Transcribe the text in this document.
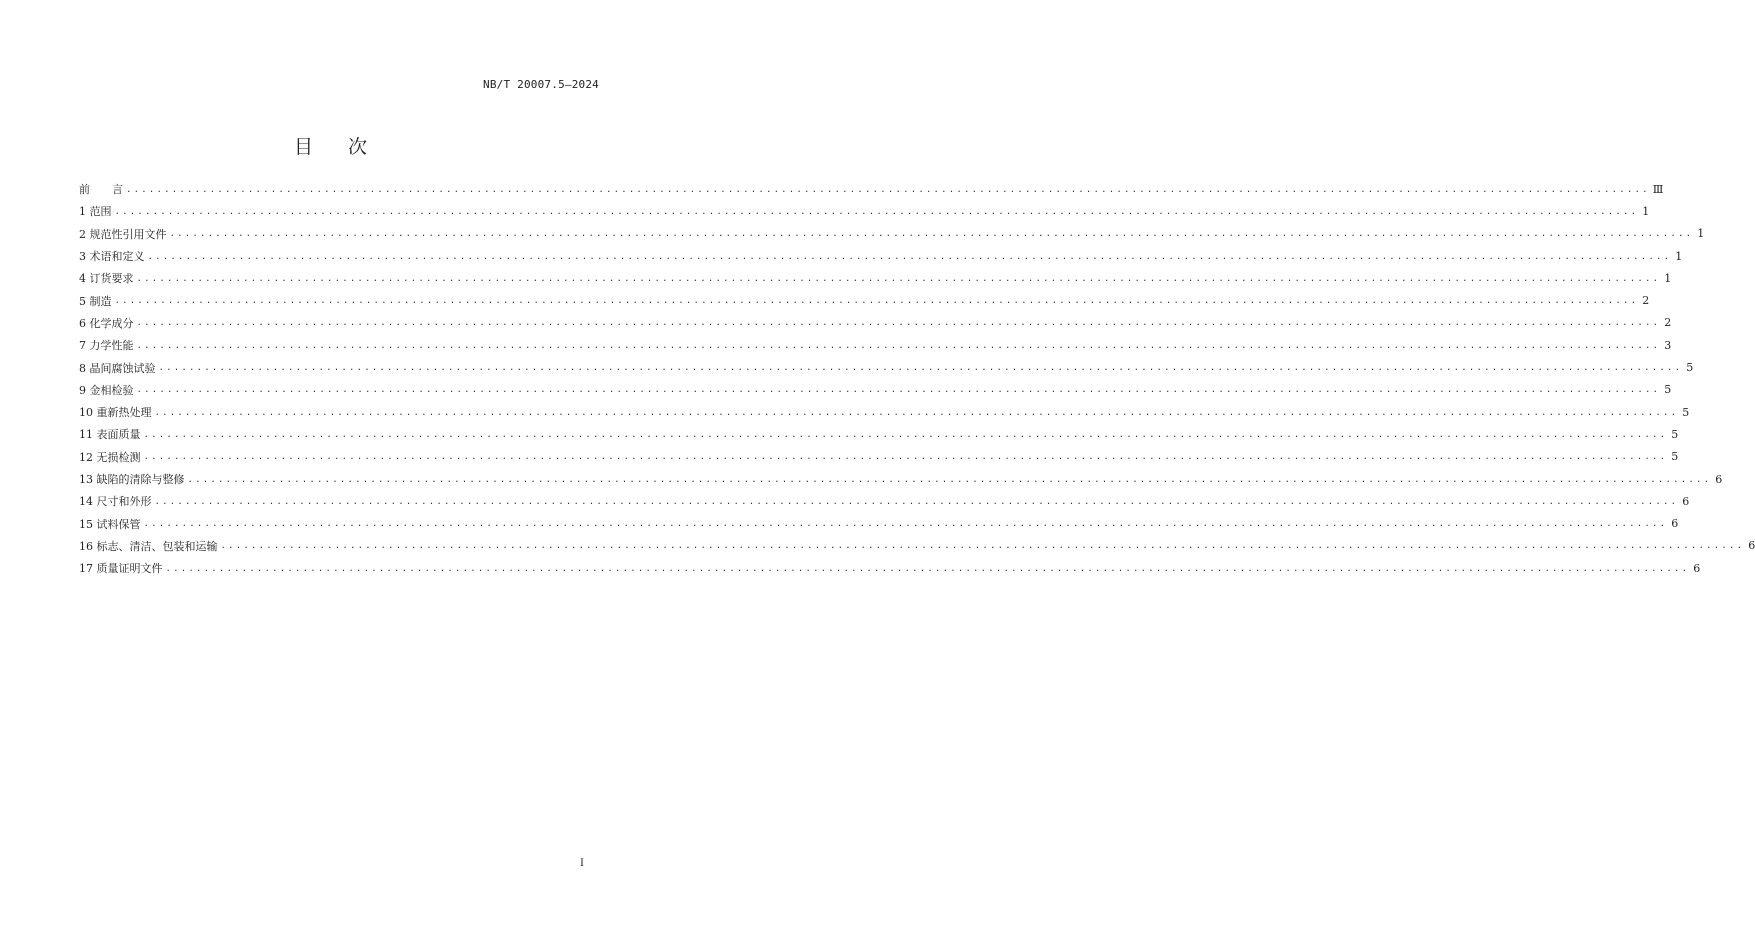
NB/T 20007.5—2024
目 次
前　　言 ........................................................................................................................................................................................................ Ⅲ
1 范围 ........................................................................................................................................................................................................ 1
2 规范性引用文件 ........................................................................................................................................................................................................ 1
3 术语和定义 ........................................................................................................................................................................................................ 1
4 订货要求 ........................................................................................................................................................................................................ 1
5 制造 ........................................................................................................................................................................................................ 2
6 化学成分 ........................................................................................................................................................................................................ 2
7 力学性能 ........................................................................................................................................................................................................ 3
8 晶间腐蚀试验 ........................................................................................................................................................................................................ 5
9 金相检验 ........................................................................................................................................................................................................ 5
10 重新热处理 ........................................................................................................................................................................................................ 5
11 表面质量 ........................................................................................................................................................................................................ 5
12 无损检测 ........................................................................................................................................................................................................ 5
13 缺陷的清除与整修 ........................................................................................................................................................................................................ 6
14 尺寸和外形 ........................................................................................................................................................................................................ 6
15 试料保管 ........................................................................................................................................................................................................ 6
16 标志、清洁、包装和运输 ........................................................................................................................................................................................................ 6
17 质量证明文件 ........................................................................................................................................................................................................ 6
I
